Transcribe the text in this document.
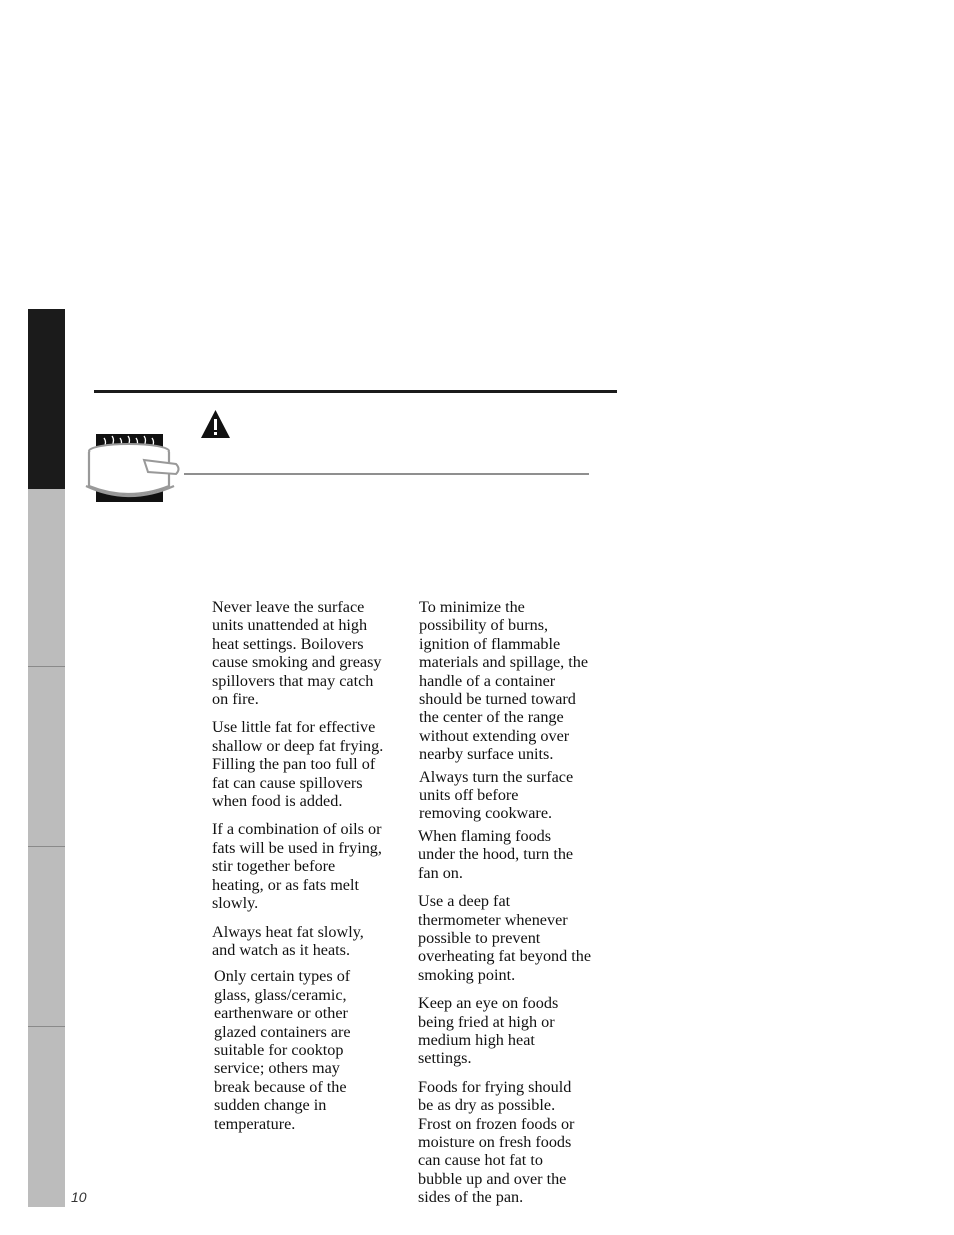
Never leave the surface units unattended at high heat settings. Boilovers cause smoking and greasy spillovers that may catch on fire.

Use little fat for effective shallow or deep fat frying. Filling the pan too full of fat can cause spillovers when food is added.

If a combination of oils or fats will be used in frying, stir together before heating, or as fats melt slowly.

Always heat fat slowly, and watch as it heats.

Only certain types of glass, glass/ceramic, earthenware or other glazed containers are suitable for cooktop service; others may break because of the sudden change in temperature.

To minimize the possibility of burns, ignition of flammable materials and spillage, the handle of a container should be turned toward the center of the range without extending over nearby surface units.

Always turn the surface units off before removing cookware.

When flaming foods under the hood, turn the fan on.

Use a deep fat thermometer whenever possible to prevent overheating fat beyond the smoking point.

Keep an eye on foods being fried at high or medium high heat settings.

Foods for frying should be as dry as possible. Frost on frozen foods or moisture on fresh foods can cause hot fat to bubble up and over the sides of the pan.

10
